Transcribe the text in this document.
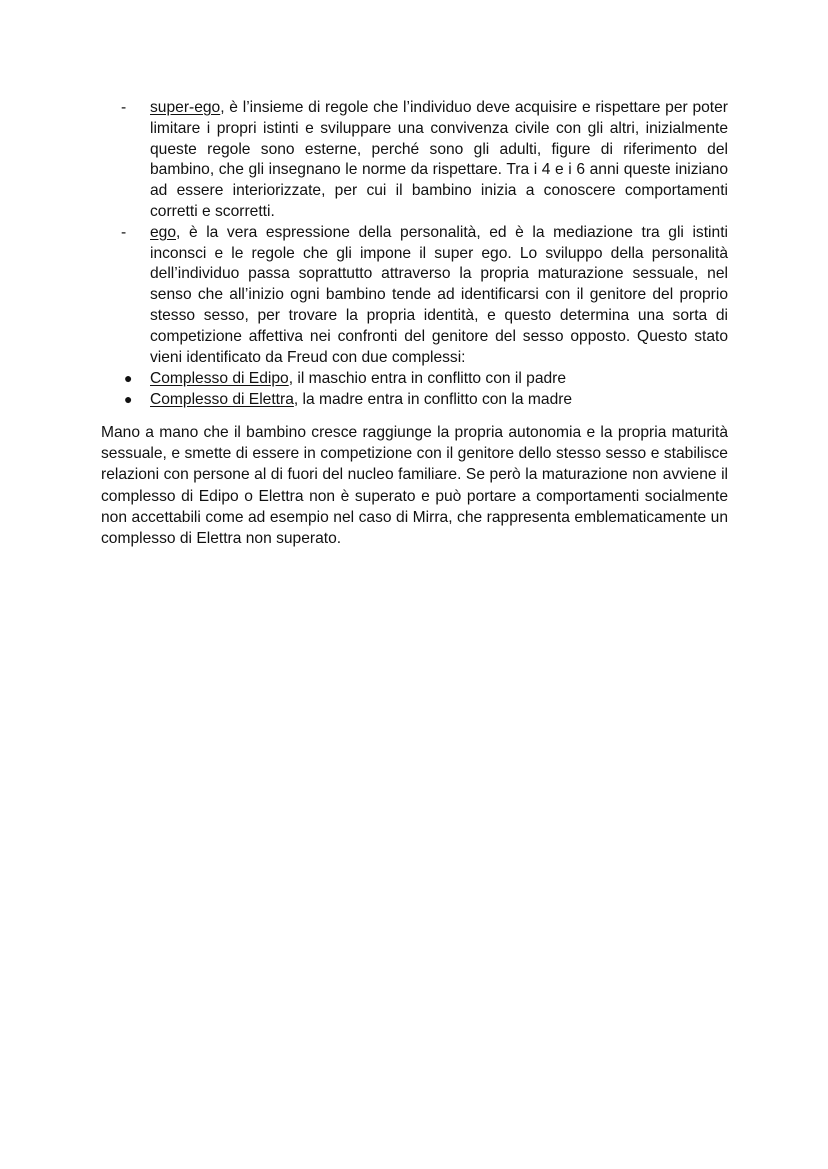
- super-ego, è l’insieme di regole che l’individuo deve acquisire e rispettare per poter limitare i propri istinti e sviluppare una convivenza civile con gli altri, inizialmente queste regole sono esterne, perché sono gli adulti, figure di riferimento del bambino, che gli insegnano le norme da rispettare. Tra i 4 e i 6 anni queste iniziano ad essere interiorizzate, per cui il bambino inizia a conoscere comportamenti corretti e scorretti.
- ego, è la vera espressione della personalità, ed è la mediazione tra gli istinti inconsci e le regole che gli impone il super ego. Lo sviluppo della personalità dell’individuo passa soprattutto attraverso la propria maturazione sessuale, nel senso che all’inizio ogni bambino tende ad identificarsi con il genitore del proprio stesso sesso, per trovare la propria identità, e questo determina una sorta di competizione affettiva nei confronti del genitore del sesso opposto. Questo stato vieni identificato da Freud con due complessi:
● Complesso di Edipo, il maschio entra in conflitto con il padre
● Complesso di Elettra, la madre entra in conflitto con la madre

Mano a mano che il bambino cresce raggiunge la propria autonomia e la propria maturità sessuale, e smette di essere in competizione con il genitore dello stesso sesso e stabilisce relazioni con persone al di fuori del nucleo familiare. Se però la maturazione non avviene il complesso di Edipo o Elettra non è superato e può portare a comportamenti socialmente non accettabili come ad esempio nel caso di Mirra, che rappresenta emblematicamente un complesso di Elettra non superato.
